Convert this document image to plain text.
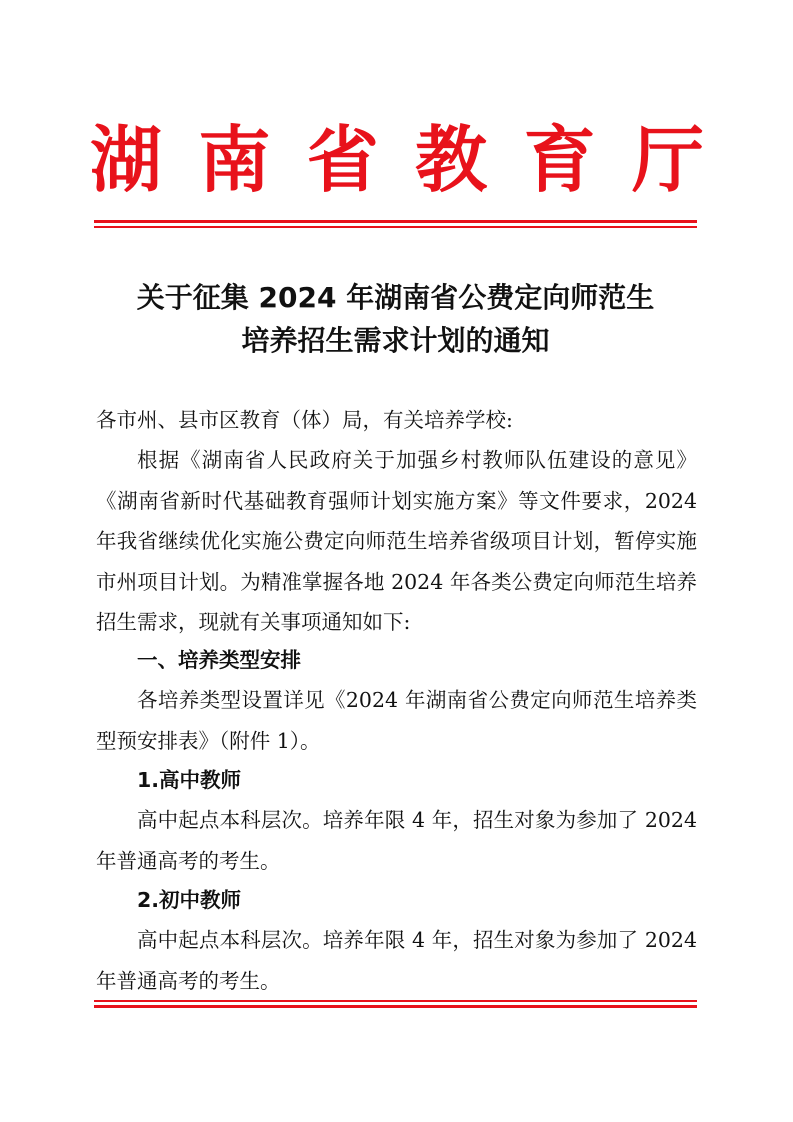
湖 南 省 教 育 厅
关于征集 2024 年湖南省公费定向师范生
培养招生需求计划的通知
各市州、县市区教育（体）局，有关培养学校:
根据《湖南省人民政府关于加强乡村教师队伍建设的意见》《湖南省新时代基础教育强师计划实施方案》等文件要求，2024年我省继续优化实施公费定向师范生培养省级项目计划，暂停实施市州项目计划。为精准掌握各地 2024 年各类公费定向师范生培养招生需求，现就有关事项通知如下:
一、培养类型安排
各培养类型设置详见《2024 年湖南省公费定向师范生培养类型预安排表》（附件 1）。
1.高中教师
高中起点本科层次。培养年限 4 年，招生对象为参加了 2024 年普通高考的考生。
2.初中教师
高中起点本科层次。培养年限 4 年，招生对象为参加了 2024 年普通高考的考生。
